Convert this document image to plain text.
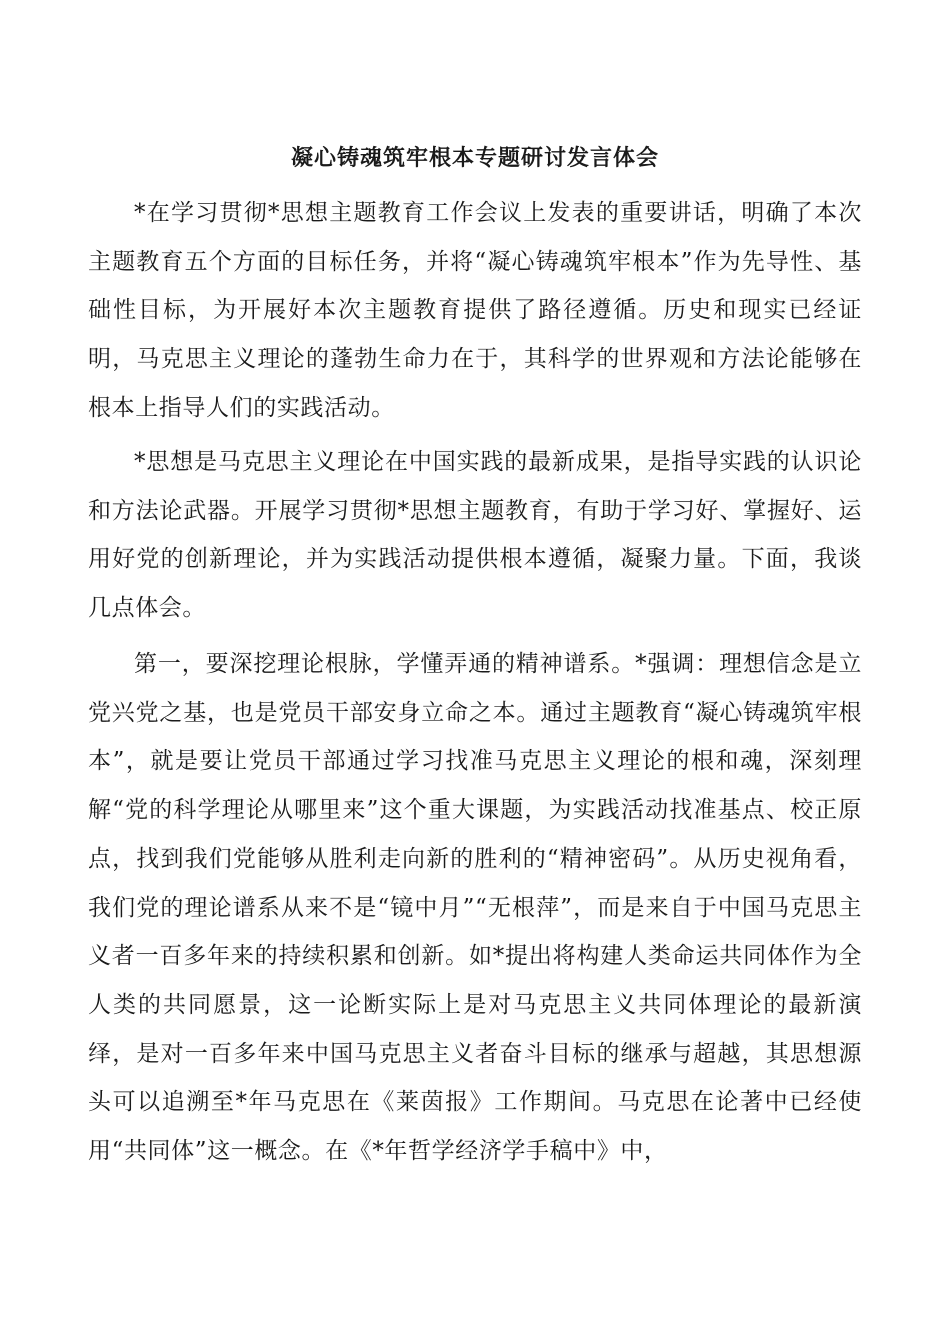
凝心铸魂筑牢根本专题研讨发言体会

*在学习贯彻*思想主题教育工作会议上发表的重要讲话，明确了本次主题教育五个方面的目标任务，并将“凝心铸魂筑牢根本”作为先导性、基础性目标，为开展好本次主题教育提供了路径遵循。历史和现实已经证明，马克思主义理论的蓬勃生命力在于，其科学的世界观和方法论能够在根本上指导人们的实践活动。

*思想是马克思主义理论在中国实践的最新成果，是指导实践的认识论和方法论武器。开展学习贯彻*思想主题教育，有助于学习好、掌握好、运用好党的创新理论，并为实践活动提供根本遵循，凝聚力量。下面，我谈几点体会。

第一，要深挖理论根脉，学懂弄通的精神谱系。*强调：理想信念是立党兴党之基，也是党员干部安身立命之本。通过主题教育“凝心铸魂筑牢根本”，就是要让党员干部通过学习找准马克思主义理论的根和魂，深刻理解“党的科学理论从哪里来”这个重大课题，为实践活动找准基点、校正原点，找到我们党能够从胜利走向新的胜利的“精神密码”。从历史视角看，我们党的理论谱系从来不是“镜中月”“无根萍”，而是来自于中国马克思主义者一百多年来的持续积累和创新。如*提出将构建人类命运共同体作为全人类的共同愿景，这一论断实际上是对马克思主义共同体理论的最新演绎，是对一百多年来中国马克思主义者奋斗目标的继承与超越，其思想源头可以追溯至*年马克思在《莱茵报》工作期间。马克思在论著中已经使用“共同体”这一概念。在《*年哲学经济学手稿中》中，
